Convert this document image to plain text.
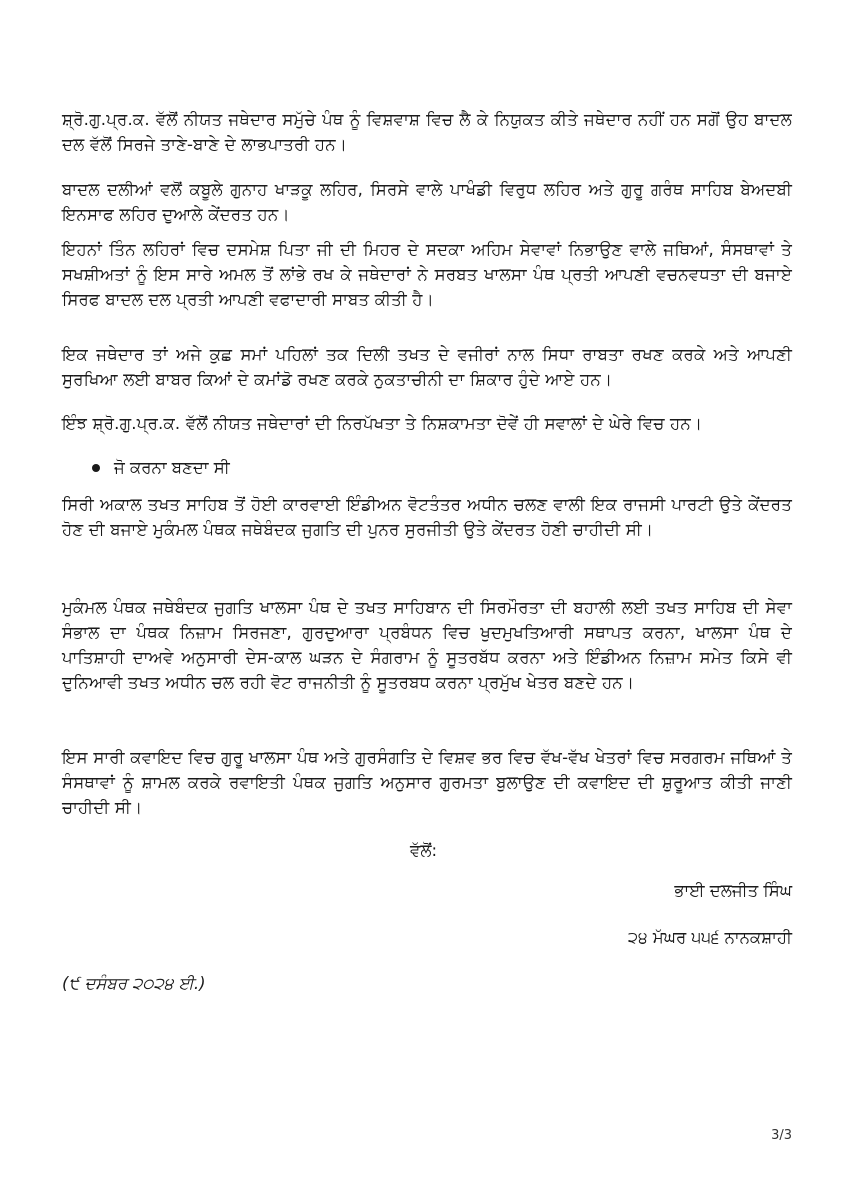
ਸ਼੍ਰੋ.ਗੁ.ਪ੍ਰ.ਕ. ਵੱਲੋਂ ਨੀਯਤ ਜਥੇਦਾਰ ਸਮੁੱਚੇ ਪੰਥ ਨੂੰ ਵਿਸ਼ਵਾਸ਼ ਵਿਚ ਲੈ ਕੇ ਨਿਯੁਕਤ ਕੀਤੇ ਜਥੇਦਾਰ ਨਹੀਂ ਹਨ ਸਗੋਂ ਉਹ ਬਾਦਲ ਦਲ ਵੱਲੋਂ ਸਿਰਜੇ ਤਾਣੇ-ਬਾਣੇ ਦੇ ਲਾਭਪਾਤਰੀ ਹਨ।

ਬਾਦਲ ਦਲੀਆਂ ਵਲੋਂ ਕਬੂਲੇ ਗੁਨਾਹ ਖਾੜਕੂ ਲਹਿਰ, ਸਿਰਸੇ ਵਾਲੇ ਪਾਖੰਡੀ ਵਿਰੁਧ ਲਹਿਰ ਅਤੇ ਗੁਰੂ ਗਰੰਥ ਸਾਹਿਬ ਬੇਅਦਬੀ ਇਨਸਾਫ ਲਹਿਰ ਦੁਆਲੇ ਕੇਂਦਰਤ ਹਨ।

ਇਹਨਾਂ ਤਿੰਨ ਲਹਿਰਾਂ ਵਿਚ ਦਸਮੇਸ਼ ਪਿਤਾ ਜੀ ਦੀ ਮਿਹਰ ਦੇ ਸਦਕਾ ਅਹਿਮ ਸੇਵਾਵਾਂ ਨਿਭਾਉਣ ਵਾਲੇ ਜਥਿਆਂ, ਸੰਸਥਾਵਾਂ ਤੇ ਸਖਸ਼ੀਅਤਾਂ ਨੂੰ ਇਸ ਸਾਰੇ ਅਮਲ ਤੋਂ ਲਾਂਭੇ ਰਖ ਕੇ ਜਥੇਦਾਰਾਂ ਨੇ ਸਰਬਤ ਖਾਲਸਾ ਪੰਥ ਪ੍ਰਤੀ ਆਪਣੀ ਵਚਨਵਧਤਾ ਦੀ ਬਜਾਏ ਸਿਰਫ ਬਾਦਲ ਦਲ ਪ੍ਰਤੀ ਆਪਣੀ ਵਫਾਦਾਰੀ ਸਾਬਤ ਕੀਤੀ ਹੈ।

ਇਕ ਜਥੇਦਾਰ ਤਾਂ ਅਜੇ ਕੁਛ ਸਮਾਂ ਪਹਿਲਾਂ ਤਕ ਦਿਲੀ ਤਖਤ ਦੇ ਵਜੀਰਾਂ ਨਾਲ ਸਿਧਾ ਰਾਬਤਾ ਰਖਣ ਕਰਕੇ ਅਤੇ ਆਪਣੀ ਸੁਰਖਿਆ ਲਈ ਬਾਬਰ ਕਿਆਂ ਦੇ ਕਮਾਂਡੋ ਰਖਣ ਕਰਕੇ ਨੁਕਤਾਚੀਨੀ ਦਾ ਸ਼ਿਕਾਰ ਹੁੰਦੇ ਆਏ ਹਨ।

ਇੰਝ ਸ਼੍ਰੋ.ਗੁ.ਪ੍ਰ.ਕ. ਵੱਲੋਂ ਨੀਯਤ ਜਥੇਦਾਰਾਂ ਦੀ ਨਿਰਪੱਖਤਾ ਤੇ ਨਿਸ਼ਕਾਮਤਾ ਦੋਵੇਂ ਹੀ ਸਵਾਲਾਂ ਦੇ ਘੇਰੇ ਵਿਚ ਹਨ।

ਜੋ ਕਰਨਾ ਬਣਦਾ ਸੀ

ਸਿਰੀ ਅਕਾਲ ਤਖਤ ਸਾਹਿਬ ਤੋਂ ਹੋਈ ਕਾਰਵਾਈ ਇੰਡੀਅਨ ਵੋਟਤੰਤਰ ਅਧੀਨ ਚਲਣ ਵਾਲੀ ਇਕ ਰਾਜਸੀ ਪਾਰਟੀ ਉਤੇ ਕੇਂਦਰਤ ਹੋਣ ਦੀ ਬਜਾਏ ਮੁਕੰਮਲ ਪੰਥਕ ਜਥੇਬੰਦਕ ਜੁਗਤਿ ਦੀ ਪੁਨਰ ਸੁਰਜੀਤੀ ਉਤੇ ਕੇਂਦਰਤ ਹੋਣੀ ਚਾਹੀਦੀ ਸੀ।

ਮੁਕੰਮਲ ਪੰਥਕ ਜਥੇਬੰਦਕ ਜੁਗਤਿ ਖਾਲਸਾ ਪੰਥ ਦੇ ਤਖਤ ਸਾਹਿਬਾਨ ਦੀ ਸਿਰਮੌਰਤਾ ਦੀ ਬਹਾਲੀ ਲਈ ਤਖਤ ਸਾਹਿਬ ਦੀ ਸੇਵਾ ਸੰਭਾਲ ਦਾ ਪੰਥਕ ਨਿਜ਼ਾਮ ਸਿਰਜਣਾ, ਗੁਰਦੁਆਰਾ ਪ੍ਰਬੰਧਨ ਵਿਚ ਖੁਦਮੁਖਤਿਆਰੀ ਸਥਾਪਤ ਕਰਨਾ, ਖਾਲਸਾ ਪੰਥ ਦੇ ਪਾਤਿਸ਼ਾਹੀ ਦਾਅਵੇ ਅਨੁਸਾਰੀ ਦੇਸ-ਕਾਲ ਘੜਨ ਦੇ ਸੰਗਰਾਮ ਨੂੰ ਸੂਤਰਬੱਧ ਕਰਨਾ ਅਤੇ ਇੰਡੀਅਨ ਨਿਜ਼ਾਮ ਸਮੇਤ ਕਿਸੇ ਵੀ ਦੁਨਿਆਵੀ ਤਖਤ ਅਧੀਨ ਚਲ ਰਹੀ ਵੋਟ ਰਾਜਨੀਤੀ ਨੂੰ ਸੂਤਰਬਧ ਕਰਨਾ ਪ੍ਰਮੁੱਖ ਖੇਤਰ ਬਣਦੇ ਹਨ।

ਇਸ ਸਾਰੀ ਕਵਾਇਦ ਵਿਚ ਗੁਰੂ ਖਾਲਸਾ ਪੰਥ ਅਤੇ ਗੁਰਸੰਗਤਿ ਦੇ ਵਿਸ਼ਵ ਭਰ ਵਿਚ ਵੱਖ-ਵੱਖ ਖੇਤਰਾਂ ਵਿਚ ਸਰਗਰਮ ਜਥਿਆਂ ਤੇ ਸੰਸਥਾਵਾਂ ਨੂੰ ਸ਼ਾਮਲ ਕਰਕੇ ਰਵਾਇਤੀ ਪੰਥਕ ਜੁਗਤਿ ਅਨੁਸਾਰ ਗੁਰਮਤਾ ਬੁਲਾਉਣ ਦੀ ਕਵਾਇਦ ਦੀ ਸ਼ੁਰੂਆਤ ਕੀਤੀ ਜਾਣੀ ਚਾਹੀਦੀ ਸੀ।

ਵੱਲੋਂ:
ਭਾਈ ਦਲਜੀਤ ਸਿੰਘ
੨੪ ਮੱਘਰ ੫੫੬ ਨਾਨਕਸ਼ਾਹੀ
(੯ ਦਸੰਬਰ ੨੦੨੪ ਈ.)
3/3
